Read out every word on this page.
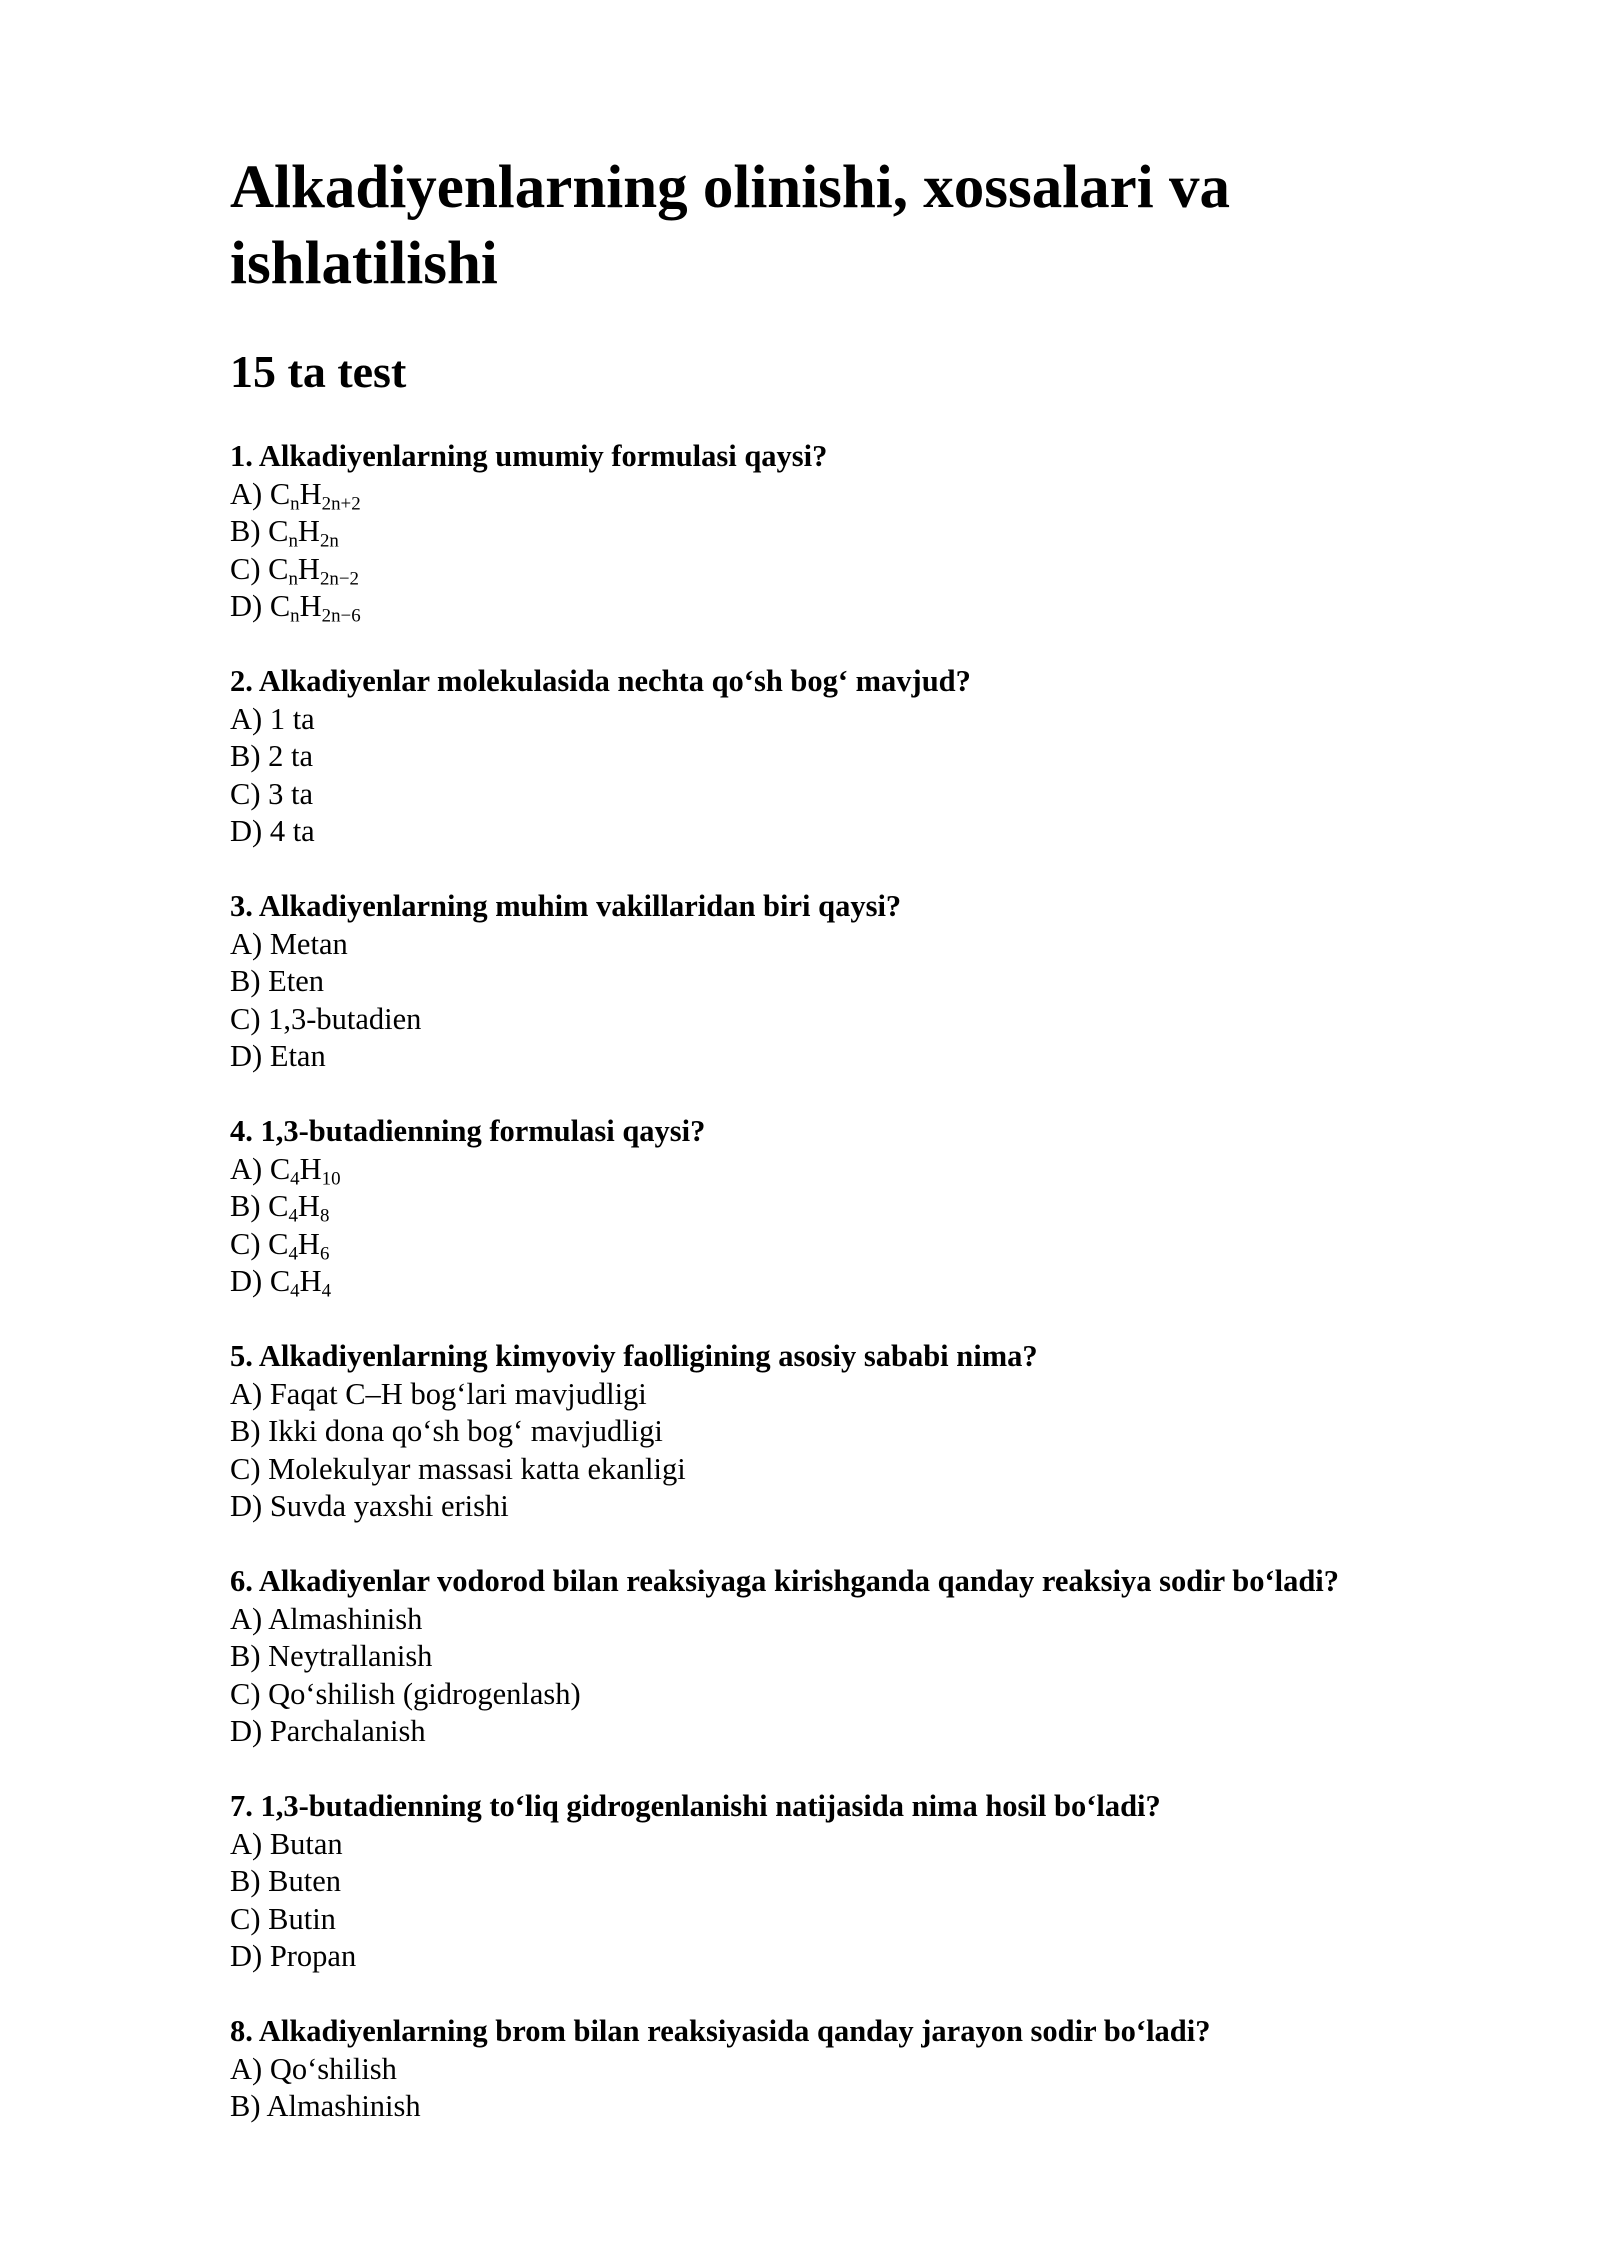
Alkadiyenlarning olinishi, xossalari va ishlatilishi
15 ta test
1. Alkadiyenlarning umumiy formulasi qaysi?
A) $C_nH_{2n+2}$
B) $C_nH_{2n}$
C) $C_nH_{2n-2}$
D) $C_nH_{2n-6}$
2. Alkadiyenlar molekulasida nechta qo‘sh bog‘ mavjud?
A) 1 ta
B) 2 ta
C) 3 ta
D) 4 ta
3. Alkadiyenlarning muhim vakillaridan biri qaysi?
A) Metan
B) Eten
C) 1,3-butadien
D) Etan
4. 1,3-butadienning formulasi qaysi?
A) $C_4H_{10}$
B) $C_4H_8$
C) $C_4H_6$
D) $C_4H_4$
5. Alkadiyenlarning kimyoviy faolligining asosiy sababi nima?
A) Faqat C–H bog‘lari mavjudligi
B) Ikki dona qo‘sh bog‘ mavjudligi
C) Molekulyar massasi katta ekanligi
D) Suvda yaxshi erishi
6. Alkadiyenlar vodorod bilan reaksiyaga kirishganda qanday reaksiya sodir bo‘ladi?
A) Almashinish
B) Neytrallanish
C) Qo‘shilish (gidrogenlash)
D) Parchalanish
7. 1,3-butadienning to‘liq gidrogenlanishi natijasida nima hosil bo‘ladi?
A) Butan
B) Buten
C) Butin
D) Propan
8. Alkadiyenlarning brom bilan reaksiyasida qanday jarayon sodir bo‘ladi?
A) Qo‘shilish
B) Almashinish
